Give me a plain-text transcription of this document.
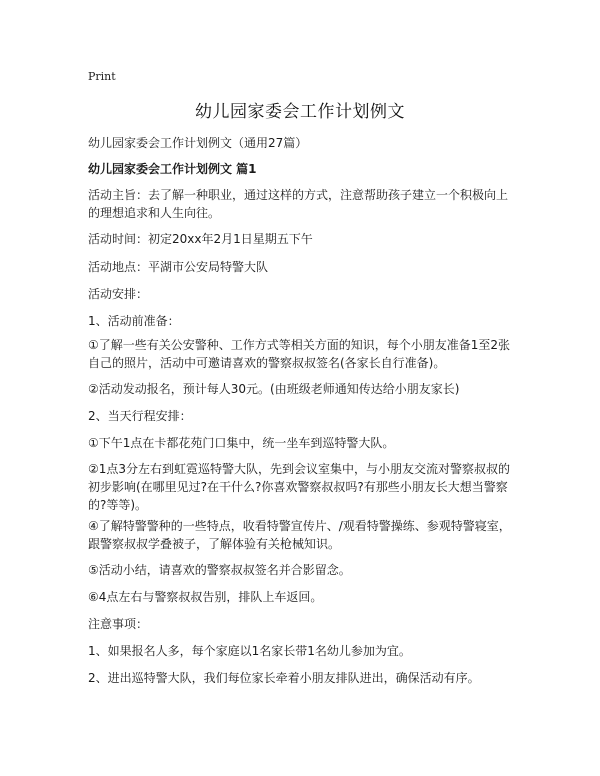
Print
幼儿园家委会工作计划例文
幼儿园家委会工作计划例文（通用27篇）
幼儿园家委会工作计划例文 篇1
活动主旨：去了解一种职业，通过这样的方式，注意帮助孩子建立一个积极向上的理想追求和人生向往。
活动时间：初定20xx年2月1日星期五下午
活动地点：平湖市公安局特警大队
活动安排：
1、活动前准备：
①了解一些有关公安警种、工作方式等相关方面的知识，每个小朋友准备1至2张自己的照片，活动中可邀请喜欢的警察叔叔签名(各家长自行准备)。
②活动发动报名，预计每人30元。(由班级老师通知传达给小朋友家长)
2、当天行程安排：
①下午1点在卡都花苑门口集中，统一坐车到巡特警大队。
②1点3分左右到虹霓巡特警大队，先到会议室集中，与小朋友交流对警察叔叔的初步影响(在哪里见过?在干什么?你喜欢警察叔叔吗?有那些小朋友长大想当警察的?等等)。
④了解特警警种的一些特点，收看特警宣传片、/观看特警操练、参观特警寝室，跟警察叔叔学叠被子，了解体验有关枪械知识。
⑤活动小结，请喜欢的警察叔叔签名并合影留念。
⑥4点左右与警察叔叔告别，排队上车返回。
注意事项：
1、如果报名人多，每个家庭以1名家长带1名幼儿参加为宜。
2、进出巡特警大队，我们每位家长牵着小朋友排队进出，确保活动有序。
